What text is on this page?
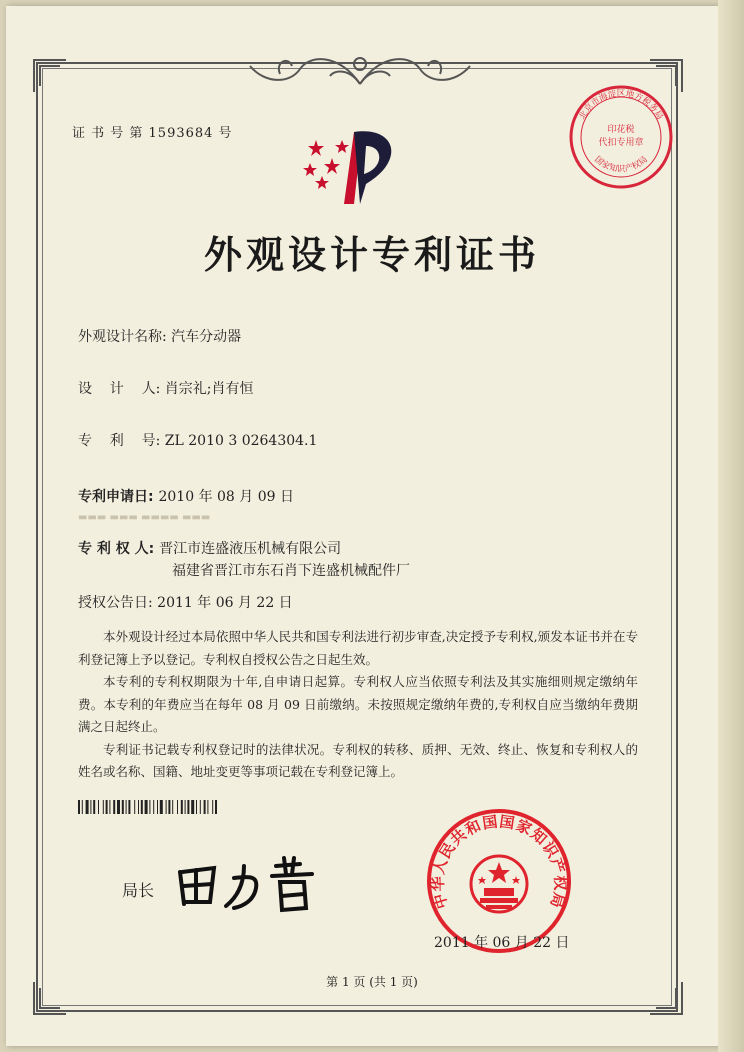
证 书 号 第 1593684 号
北京市海淀区地方税务局
印花税
代扣专用章
国家知识产权局
外观设计专利证书
外观设计名称: 汽车分动器
设    计    人: 肖宗礼;肖有恒
专    利    号: ZL 2010 3 0264304.1
专利申请日: 2010 年 08 月 09 日
▬▬▬ ▬▬▬ ▬▬▬▬ ▬▬▬
专 利 权 人: 晋江市连盛液压机械有限公司
福建省晋江市东石肖下连盛机械配件厂
授权公告日: 2011 年 06 月 22 日

本外观设计经过本局依照中华人民共和国专利法进行初步审查,决定授予专利权,颁发本证书并在专利登记簿上予以登记。专利权自授权公告之日起生效。

本专利的专利权期限为十年,自申请日起算。专利权人应当依照专利法及其实施细则规定缴纳年费。本专利的年费应当在每年 08 月 09 日前缴纳。未按照规定缴纳年费的,专利权自应当缴纳年费期满之日起终止。

专利证书记载专利权登记时的法律状况。专利权的转移、质押、无效、终止、恢复和专利权人的姓名或名称、国籍、地址变更等事项记载在专利登记簿上。

局长	中华人民共和国国家知识产权局
2011 年 06 月 22 日
第 1 页 (共 1 页)
